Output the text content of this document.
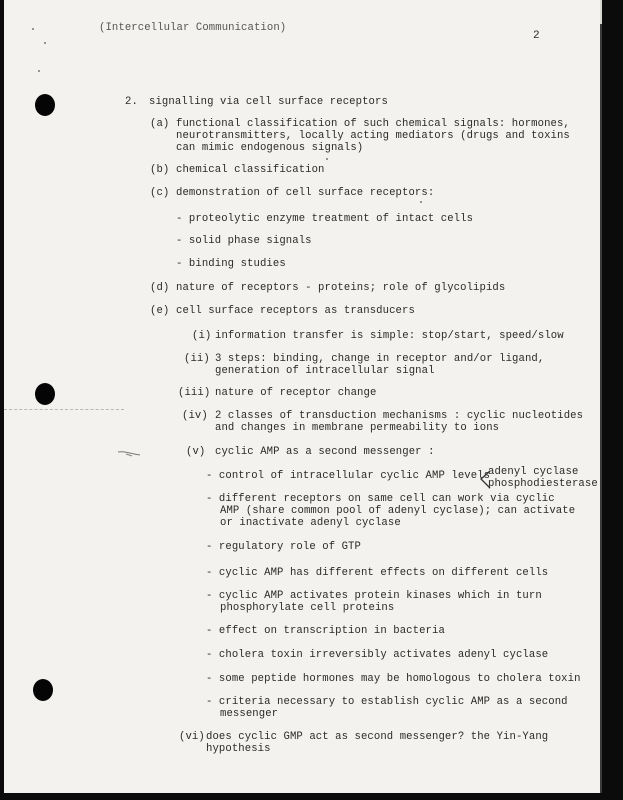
(Intercellular Communication)
2
2. signalling via cell surface receptors
(a) functional classification of such chemical signals: hormones,
neurotransmitters, locally acting mediators (drugs and toxins
can mimic endogenous signals)
(b) chemical classification
(c) demonstration of cell surface receptors:
- proteolytic enzyme treatment of intact cells
- solid phase signals
- binding studies
(d) nature of receptors - proteins; role of glycolipids
(e) cell surface receptors as transducers
(i) information transfer is simple: stop/start, speed/slow
(ii) 3 steps: binding, change in receptor and/or ligand,
generation of intracellular signal
(iii) nature of receptor change
(iv) 2 classes of transduction mechanisms : cyclic nucleotides
and changes in membrane permeability to ions
(v) cyclic AMP as a second messenger :
- control of intracellular cyclic AMP levels
adenyl cyclase
phosphodiesterase
- different receptors on same cell can work via cyclic
AMP (share common pool of adenyl cyclase); can activate
or inactivate adenyl cyclase
- regulatory role of GTP
- cyclic AMP has different effects on different cells
- cyclic AMP activates protein kinases which in turn
phosphorylate cell proteins
- effect on transcription in bacteria
- cholera toxin irreversibly activates adenyl cyclase
- some peptide hormones may be homologous to cholera toxin
- criteria necessary to establish cyclic AMP as a second
messenger
(vi) does cyclic GMP act as second messenger? the Yin-Yang
hypothesis
